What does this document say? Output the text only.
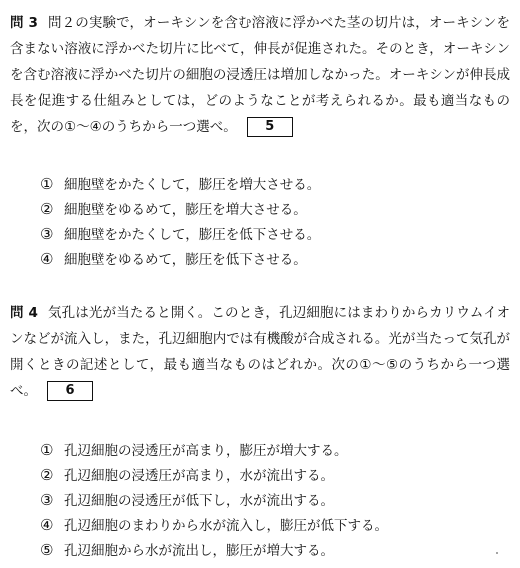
問 3 問２の実験で，オーキシンを含む溶液に浮かべた茎の切片は，オーキシンを含まない溶液に浮かべた切片に比べて，伸長が促進された。そのとき，オーキシンを含む溶液に浮かべた切片の細胞の浸透圧は増加しなかった。オーキシンが伸長成長を促進する仕組みとしては，どのようなことが考えられるか。最も適当なものを，次の①～④のうちから一つ選べ。 5

① 細胞壁をかたくして，膨圧を増大させる。
② 細胞壁をゆるめて，膨圧を増大させる。
③ 細胞壁をかたくして，膨圧を低下させる。
④ 細胞壁をゆるめて，膨圧を低下させる。

問 4 気孔は光が当たると開く。このとき，孔辺細胞にはまわりからカリウムイオンなどが流入し，また，孔辺細胞内では有機酸が合成される。光が当たって気孔が開くときの記述として，最も適当なものはどれか。次の①～⑤のうちから一つ選べ。 6

① 孔辺細胞の浸透圧が高まり，膨圧が増大する。
② 孔辺細胞の浸透圧が高まり，水が流出する。
③ 孔辺細胞の浸透圧が低下し，水が流出する。
④ 孔辺細胞のまわりから水が流入し，膨圧が低下する。
⑤ 孔辺細胞から水が流出し，膨圧が増大する。
